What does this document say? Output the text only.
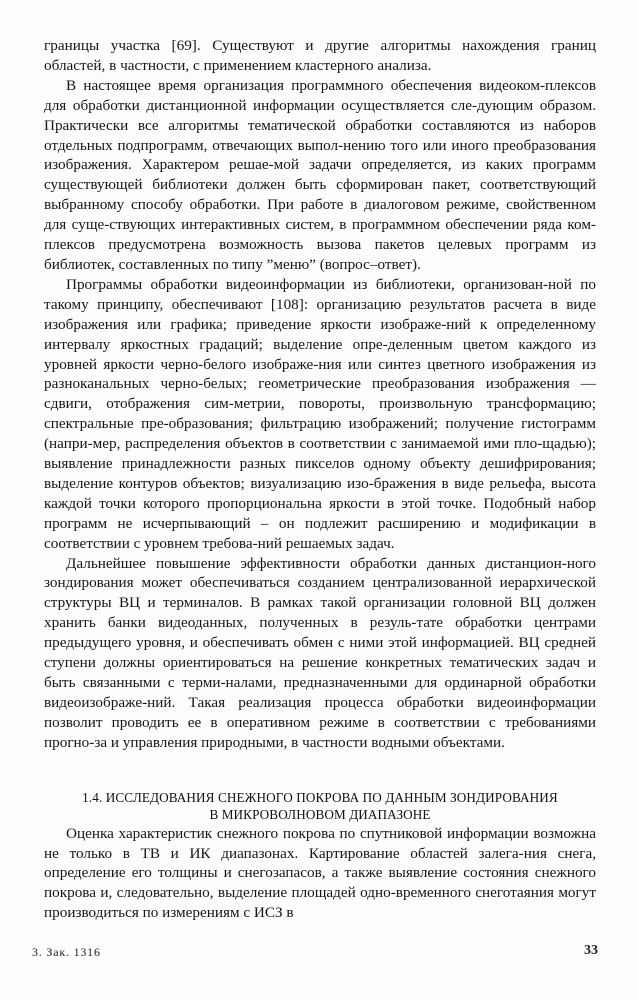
границы участка [69]. Существуют и другие алгоритмы нахождения границ областей, в частности, с применением кластерного анализа.

В настоящее время организация программного обеспечения видеоком-плексов для обработки дистанционной информации осуществляется сле-дующим образом. Практически все алгоритмы тематической обработки составляются из наборов отдельных подпрограмм, отвечающих выпол-нению того или иного преобразования изображения. Характером решае-мой задачи определяется, из каких программ существующей библиотеки должен быть сформирован пакет, соответствующий выбранному способу обработки. При работе в диалоговом режиме, свойственном для суще-ствующих интерактивных систем, в программном обеспечении ряда ком-плексов предусмотрена возможность вызова пакетов целевых программ из библиотек, составленных по типу ”меню” (вопрос–ответ).

Программы обработки видеоинформации из библиотеки, организован-ной по такому принципу, обеспечивают [108]: организацию результатов расчета в виде изображения или графика; приведение яркости изображе-ний к определенному интервалу яркостных градаций; выделение опре-деленным цветом каждого из уровней яркости черно-белого изображе-ния или синтез цветного изображения из разноканальных черно-белых; геометрические преобразования изображения — сдвиги, отображения сим-метрии, повороты, произвольную трансформацию; спектральные пре-образования; фильтрацию изображений; получение гистограмм (напри-мер, распределения объектов в соответствии с занимаемой ими пло-щадью); выявление принадлежности разных пикселов одному объекту дешифрирования; выделение контуров объектов; визуализацию изо-бражения в виде рельефа, высота каждой точки которого пропорциональна яркости в этой точке. Подобный набор программ не исчерпывающий – он подлежит расширению и модификации в соответствии с уровнем требова-ний решаемых задач.

Дальнейшее повышение эффективности обработки данных дистанцион-ного зондирования может обеспечиваться созданием централизованной иерархической структуры ВЦ и терминалов. В рамках такой организации головной ВЦ должен хранить банки видеоданных, полученных в резуль-тате обработки центрами предыдущего уровня, и обеспечивать обмен с ними этой информацией. ВЦ средней ступени должны ориентироваться на решение конкретных тематических задач и быть связанными с терми-налами, предназначенными для ординарной обработки видеоизображе-ний. Такая реализация процесса обработки видеоинформации позволит проводить ее в оперативном режиме в соответствии с требованиями прогно-за и управления природными, в частности водными объектами.

1.4. ИССЛЕДОВАНИЯ СНЕЖНОГО ПОКРОВА ПО ДАННЫМ ЗОНДИРОВАНИЯ
В МИКРОВОЛНОВОМ ДИАПАЗОНЕ

Оценка характеристик снежного покрова по спутниковой информации возможна не только в ТВ и ИК диапазонах. Картирование областей залега-ния снега, определение его толщины и снегозапасов, а также выявление состояния снежного покрова и, следовательно, выделение площадей одно-временного снеготаяния могут производиться по измерениям с ИСЗ в

3. Зак. 1316	33
